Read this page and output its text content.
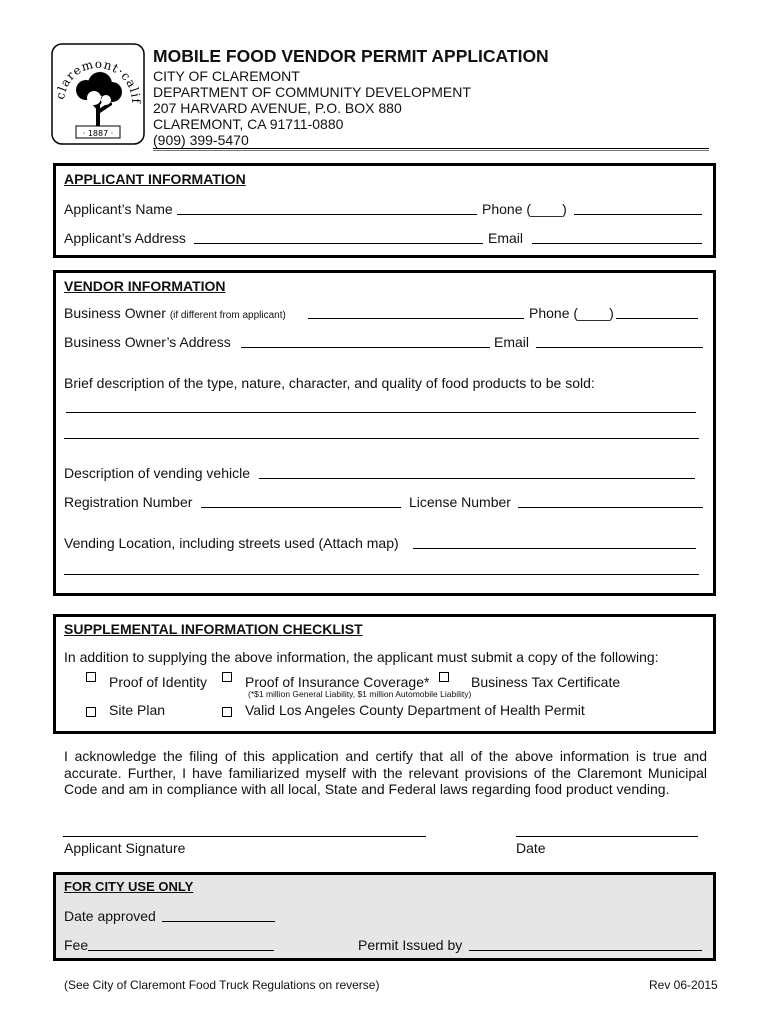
claremont·calif
· 1887 ·
MOBILE FOOD VENDOR PERMIT APPLICATION
CITY OF CLAREMONT
DEPARTMENT OF COMMUNITY DEVELOPMENT
207 HARVARD AVENUE, P.O. BOX 880
CLAREMONT, CA 91711-0880
(909) 399-5470
APPLICANT INFORMATION
Applicant’s Name	Phone (____)
Applicant’s Address	Email
VENDOR INFORMATION
Business Owner (if different from applicant)	Phone (____)
Business Owner’s Address	Email
Brief description of the type, nature, character, and quality of food products to be sold:
Description of vending vehicle
Registration Number	License Number
Vending Location, including streets used (Attach map)
SUPPLEMENTAL INFORMATION CHECKLIST
In addition to supplying the above information, the applicant must submit a copy of the following:
Proof of Identity	Proof of Insurance Coverage*
(*$1 million General Liability, $1 million Automobile Liability)
Business Tax Certificate
Site Plan	Valid Los Angeles County Department of Health Permit
I acknowledge the filing of this application and certify that all of the above information is true and
accurate. Further, I have familiarized myself with the relevant provisions of the Claremont Municipal
Code and am in compliance with all local, State and Federal laws regarding food product vending.
Applicant Signature	Date
FOR CITY USE ONLY
Date approved
Fee	Permit Issued by
(See City of Claremont Food Truck Regulations on reverse)	Rev 06-2015
